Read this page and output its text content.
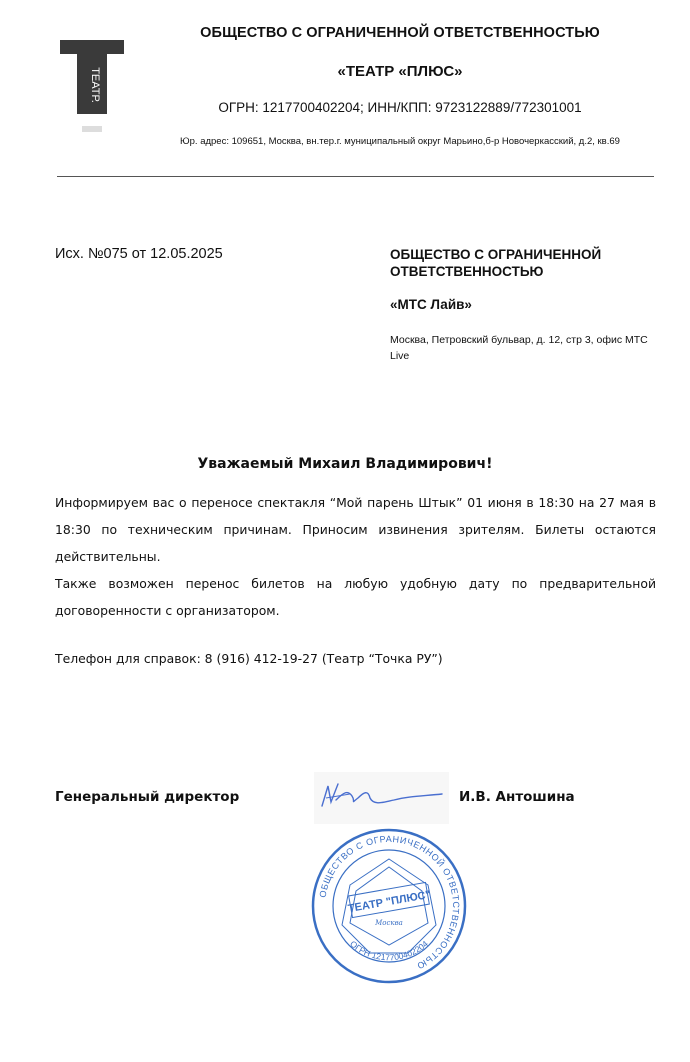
ТЕАТР.
ОБЩЕСТВО С ОГРАНИЧЕННОЙ ОТВЕТСТВЕННОСТЬЮ
«ТЕАТР «ПЛЮС»
ОГРН: 1217700402204; ИНН/КПП: 9723122889/772301001
Юр. адрес: 109651, Москва, вн.тер.г. муниципальный округ Марьино,б-р Новочеркасский, д.2, кв.69
Исх. №075 от 12.05.2025	ОБЩЕСТВО С ОГРАНИЧЕННОЙ ОТВЕТСТВЕННОСТЬЮ
«МТС Лайв»
Москва, Петровский бульвар, д. 12, стр 3, офис МТС Live
Уважаемый Михаил Владимирович!

Информируем вас о переносе спектакля “Мой парень Штык” 01 июня в 18:30 на 27 мая в 18:30 по техническим причинам. Приносим извинения зрителям. Билеты остаются действительны.

Также возможен перенос билетов на любую удобную дату по предварительной договоренности с организатором.

Телефон для справок: 8 (916) 412-19-27 (Театр “Точка РУ”)
Генеральный директор	И.В. Антошина
ОБЩЕСТВО С ОГРАНИЧЕННОЙ ОТВЕТСТВЕННОСТЬЮ
ОГРН 1217700402204
ТЕАТР "ПЛЮС"
Москва
